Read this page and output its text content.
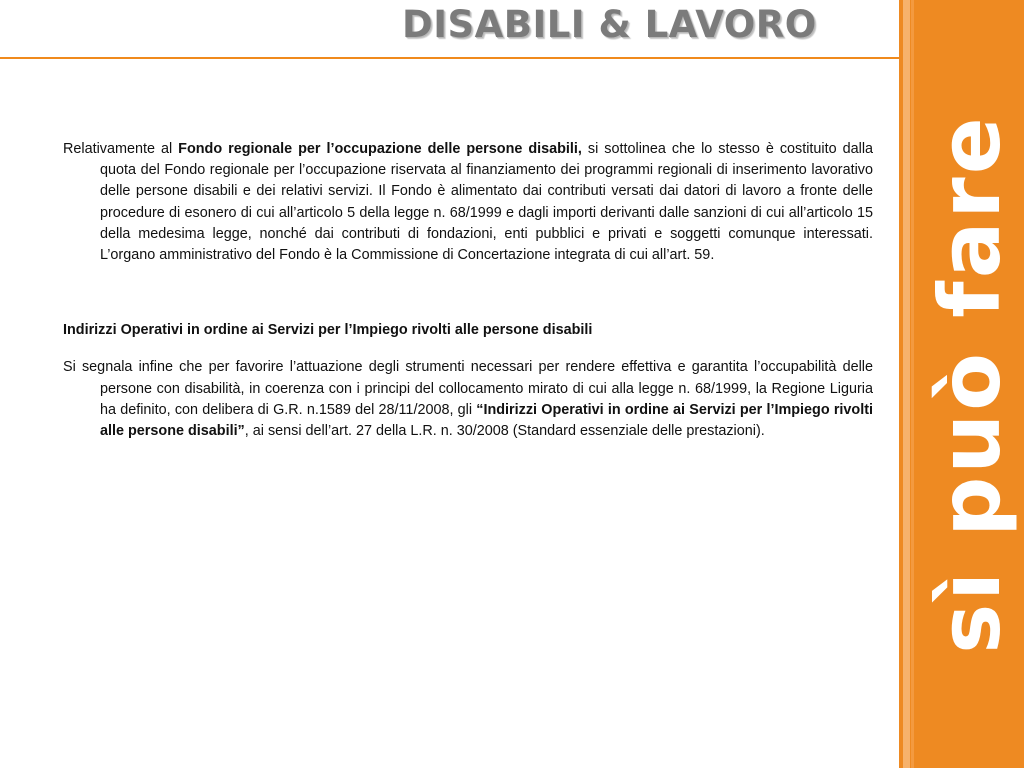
DISABILI & LAVORO
sì può fare

Relativamente al Fondo regionale per l’occupazione delle persone disabili, si sottolinea che lo stesso è costituito dalla quota del Fondo regionale per l’occupazione riservata al finanziamento dei programmi regionali di inserimento lavorativo delle persone disabili e dei relativi servizi. Il Fondo è alimentato dai contributi versati dai datori di lavoro a fronte delle procedure di esonero di cui all’articolo 5 della legge n. 68/1999 e dagli importi derivanti dalle sanzioni di cui all’articolo 15 della medesima legge, nonché dai contributi di fondazioni, enti pubblici e privati e soggetti comunque interessati. L’organo amministrativo del Fondo è la Commissione di Concertazione integrata di cui all’art. 59.

Indirizzi Operativi in ordine ai Servizi per l’Impiego rivolti alle persone disabili

Si segnala infine che per favorire l’attuazione degli strumenti necessari per rendere effettiva e garantita l’occupabilità delle persone con disabilità, in coerenza con i principi del collocamento mirato di cui alla legge n. 68/1999, la Regione Liguria ha definito, con delibera di G.R. n.1589 del 28/11/2008, gli “Indirizzi Operativi in ordine ai Servizi per l’Impiego rivolti alle persone disabili”, ai sensi dell’art. 27 della L.R. n. 30/2008 (Standard essenziale delle prestazioni).
